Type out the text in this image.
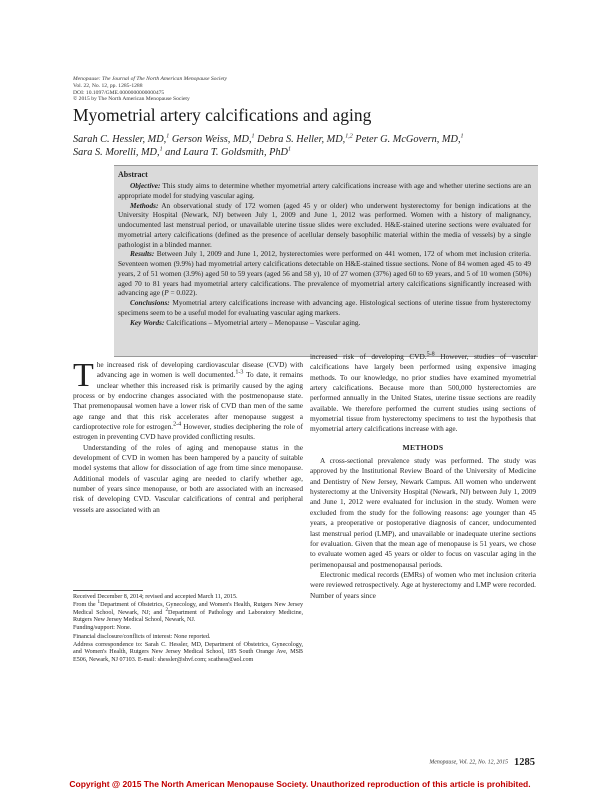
Menopause: The Journal of The North American Menopause Society
Vol. 22, No. 12, pp. 1285-1288
DOI: 10.1097/GME.0000000000000475
© 2015 by The North American Menopause Society
Myometrial artery calcifications and aging
Sarah C. Hessler, MD,$^1$ Gerson Weiss, MD,$^1$ Debra S. Heller, MD,$^{1,2}$ Peter G. McGovern, MD,$^1$
Sara S. Morelli, MD,$^1$ and Laura T. Goldsmith, PhD$^1$
Abstract

Objective: This study aims to determine whether myometrial artery calcifications increase with age and whether uterine sections are an appropriate model for studying vascular aging.

Methods: An observational study of 172 women (aged 45 y or older) who underwent hysterectomy for benign indications at the University Hospital (Newark, NJ) between July 1, 2009 and June 1, 2012 was performed. Women with a history of malignancy, undocumented last menstrual period, or unavailable uterine tissue slides were excluded. H&E-stained uterine sections were evaluated for myometrial artery calcifications (defined as the presence of acellular densely basophilic material within the media of vessels) by a single pathologist in a blinded manner.

Results: Between July 1, 2009 and June 1, 2012, hysterectomies were performed on 441 women, 172 of whom met inclusion criteria. Seventeen women (9.9%) had myometrial artery calcifications detectable on H&E-stained tissue sections. None of 84 women aged 45 to 49 years, 2 of 51 women (3.9%) aged 50 to 59 years (aged 56 and 58 y), 10 of 27 women (37%) aged 60 to 69 years, and 5 of 10 women (50%) aged 70 to 81 years had myometrial artery calcifications. The prevalence of myometrial artery calcifications significantly increased with advancing age (P = 0.022).

Conclusions: Myometrial artery calcifications increase with advancing age. Histological sections of uterine tissue from hysterectomy specimens seem to be a useful model for evaluating vascular aging markers.

Key Words: Calcifications – Myometrial artery – Menopause – Vascular aging.

The increased risk of developing cardiovascular disease (CVD) with advancing age in women is well documented.$^{1-3}$ To date, it remains unclear whether this increased risk is primarily caused by the aging process or by endocrine changes associated with the postmenopause state. That premenopausal women have a lower risk of CVD than men of the same age range and that this risk accelerates after menopause suggest a cardioprotective role for estrogen.$^{2-4}$ However, studies deciphering the role of estrogen in preventing CVD have provided conflicting results.

Understanding of the roles of aging and menopause status in the development of CVD in women has been hampered by a paucity of suitable model systems that allow for dissociation of age from time since menopause. Additional models of vascular aging are needed to clarify whether age, number of years since menopause, or both are associated with an increased risk of developing CVD. Vascular calcifications of central and peripheral vessels are associated with an

increased risk of developing CVD.$^{5-8}$ However, studies of vascular calcifications have largely been performed using expensive imaging methods. To our knowledge, no prior studies have examined myometrial artery calcifications. Because more than 500,000 hysterectomies are performed annually in the United States, uterine tissue sections are readily available. We therefore performed the current studies using sections of myometrial tissue from hysterectomy specimens to test the hypothesis that myometrial artery calcifications increase with age.

METHODS

A cross-sectional prevalence study was performed. The study was approved by the Institutional Review Board of the University of Medicine and Dentistry of New Jersey, Newark Campus. All women who underwent hysterectomy at the University Hospital (Newark, NJ) between July 1, 2009 and June 1, 2012 were evaluated for inclusion in the study. Women were excluded from the study for the following reasons: age younger than 45 years, a preoperative or postoperative diagnosis of cancer, undocumented last menstrual period (LMP), and unavailable or inadequate uterine sections for evaluation. Given that the mean age of menopause is 51 years, we chose to evaluate women aged 45 years or older to focus on vascular aging in the perimenopausal and postmenopausal periods.

Electronic medical records (EMRs) of women who met inclusion criteria were reviewed retrospectively. Age at hysterectomy and LMP were recorded. Number of years since

Received December 8, 2014; revised and accepted March 11, 2015.

From the $^1$Department of Obstetrics, Gynecology, and Women's Health, Rutgers New Jersey Medical School, Newark, NJ; and $^2$Department of Pathology and Laboratory Medicine, Rutgers New Jersey Medical School, Newark, NJ.

Funding/support: None.

Financial disclosure/conflicts of interest: None reported.

Address correspondence to: Sarah C. Hessler, MD, Department of Obstetrics, Gynecology, and Women's Health, Rutgers New Jersey Medical School, 185 South Orange Ave, MSB E506, Newark, NJ 07103. E-mail: shessler@shvf.com; scathess@aol.com

Menopause, Vol. 22, No. 12, 2015 1285
Copyright @ 2015 The North American Menopause Society. Unauthorized reproduction of this article is prohibited.
